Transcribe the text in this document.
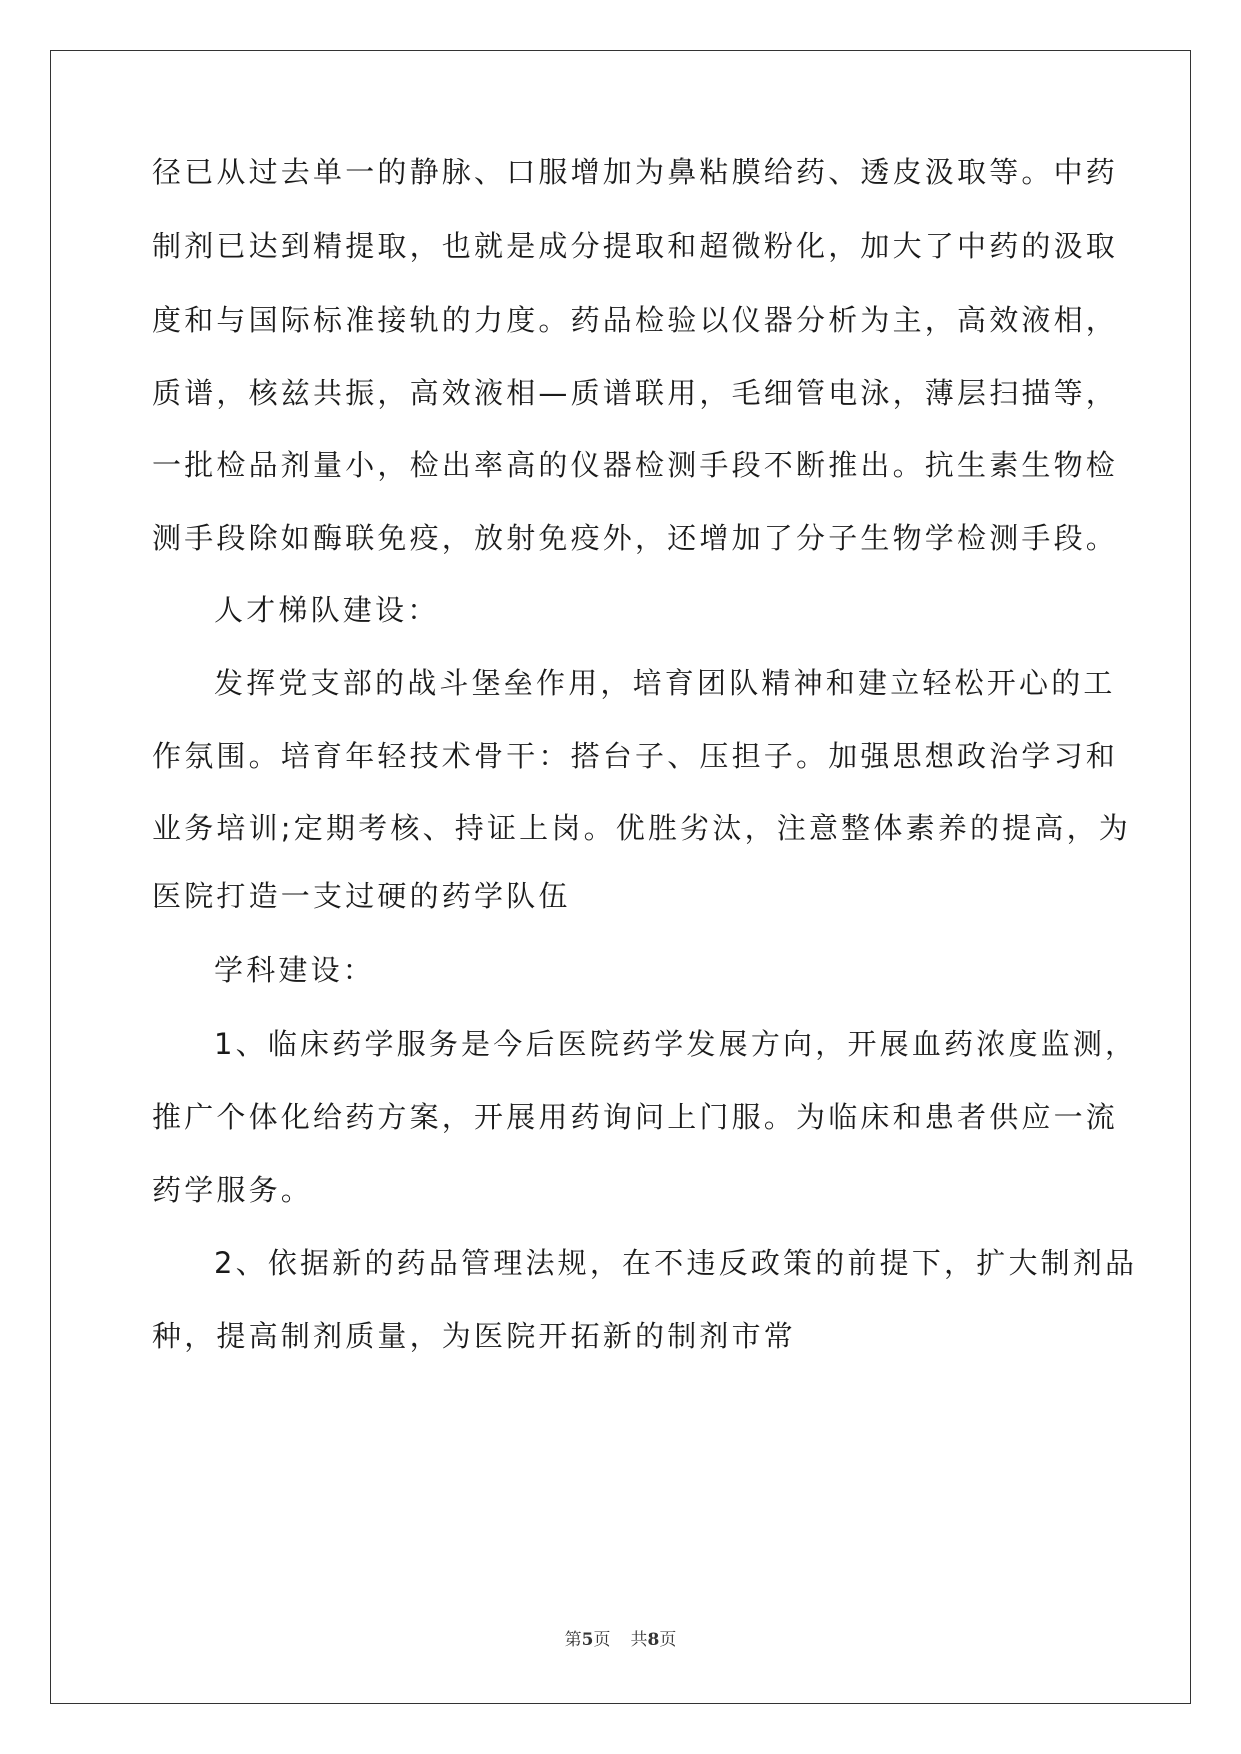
径已从过去单一的静脉、口服增加为鼻粘膜给药、透皮汲取等。中药
制剂已达到精提取，也就是成分提取和超微粉化，加大了中药的汲取
度和与国际标准接轨的力度。药品检验以仪器分析为主，高效液相，
质谱，核兹共振，高效液相—质谱联用，毛细管电泳，薄层扫描等，
一批检品剂量小，检出率高的仪器检测手段不断推出。抗生素生物检
测手段除如酶联免疫，放射免疫外，还增加了分子生物学检测手段。
人才梯队建设：
发挥党支部的战斗堡垒作用，培育团队精神和建立轻松开心的工
作氛围。培育年轻技术骨干：搭台子、压担子。加强思想政治学习和
业务培训;定期考核、持证上岗。优胜劣汰，注意整体素养的提高，为
医院打造一支过硬的药学队伍
学科建设：
1、临床药学服务是今后医院药学发展方向，开展血药浓度监测，
推广个体化给药方案，开展用药询问上门服。为临床和患者供应一流
药学服务。
2、依据新的药品管理法规，在不违反政策的前提下，扩大制剂品
种，提高制剂质量，为医院开拓新的制剂市常
第5页 共8页
